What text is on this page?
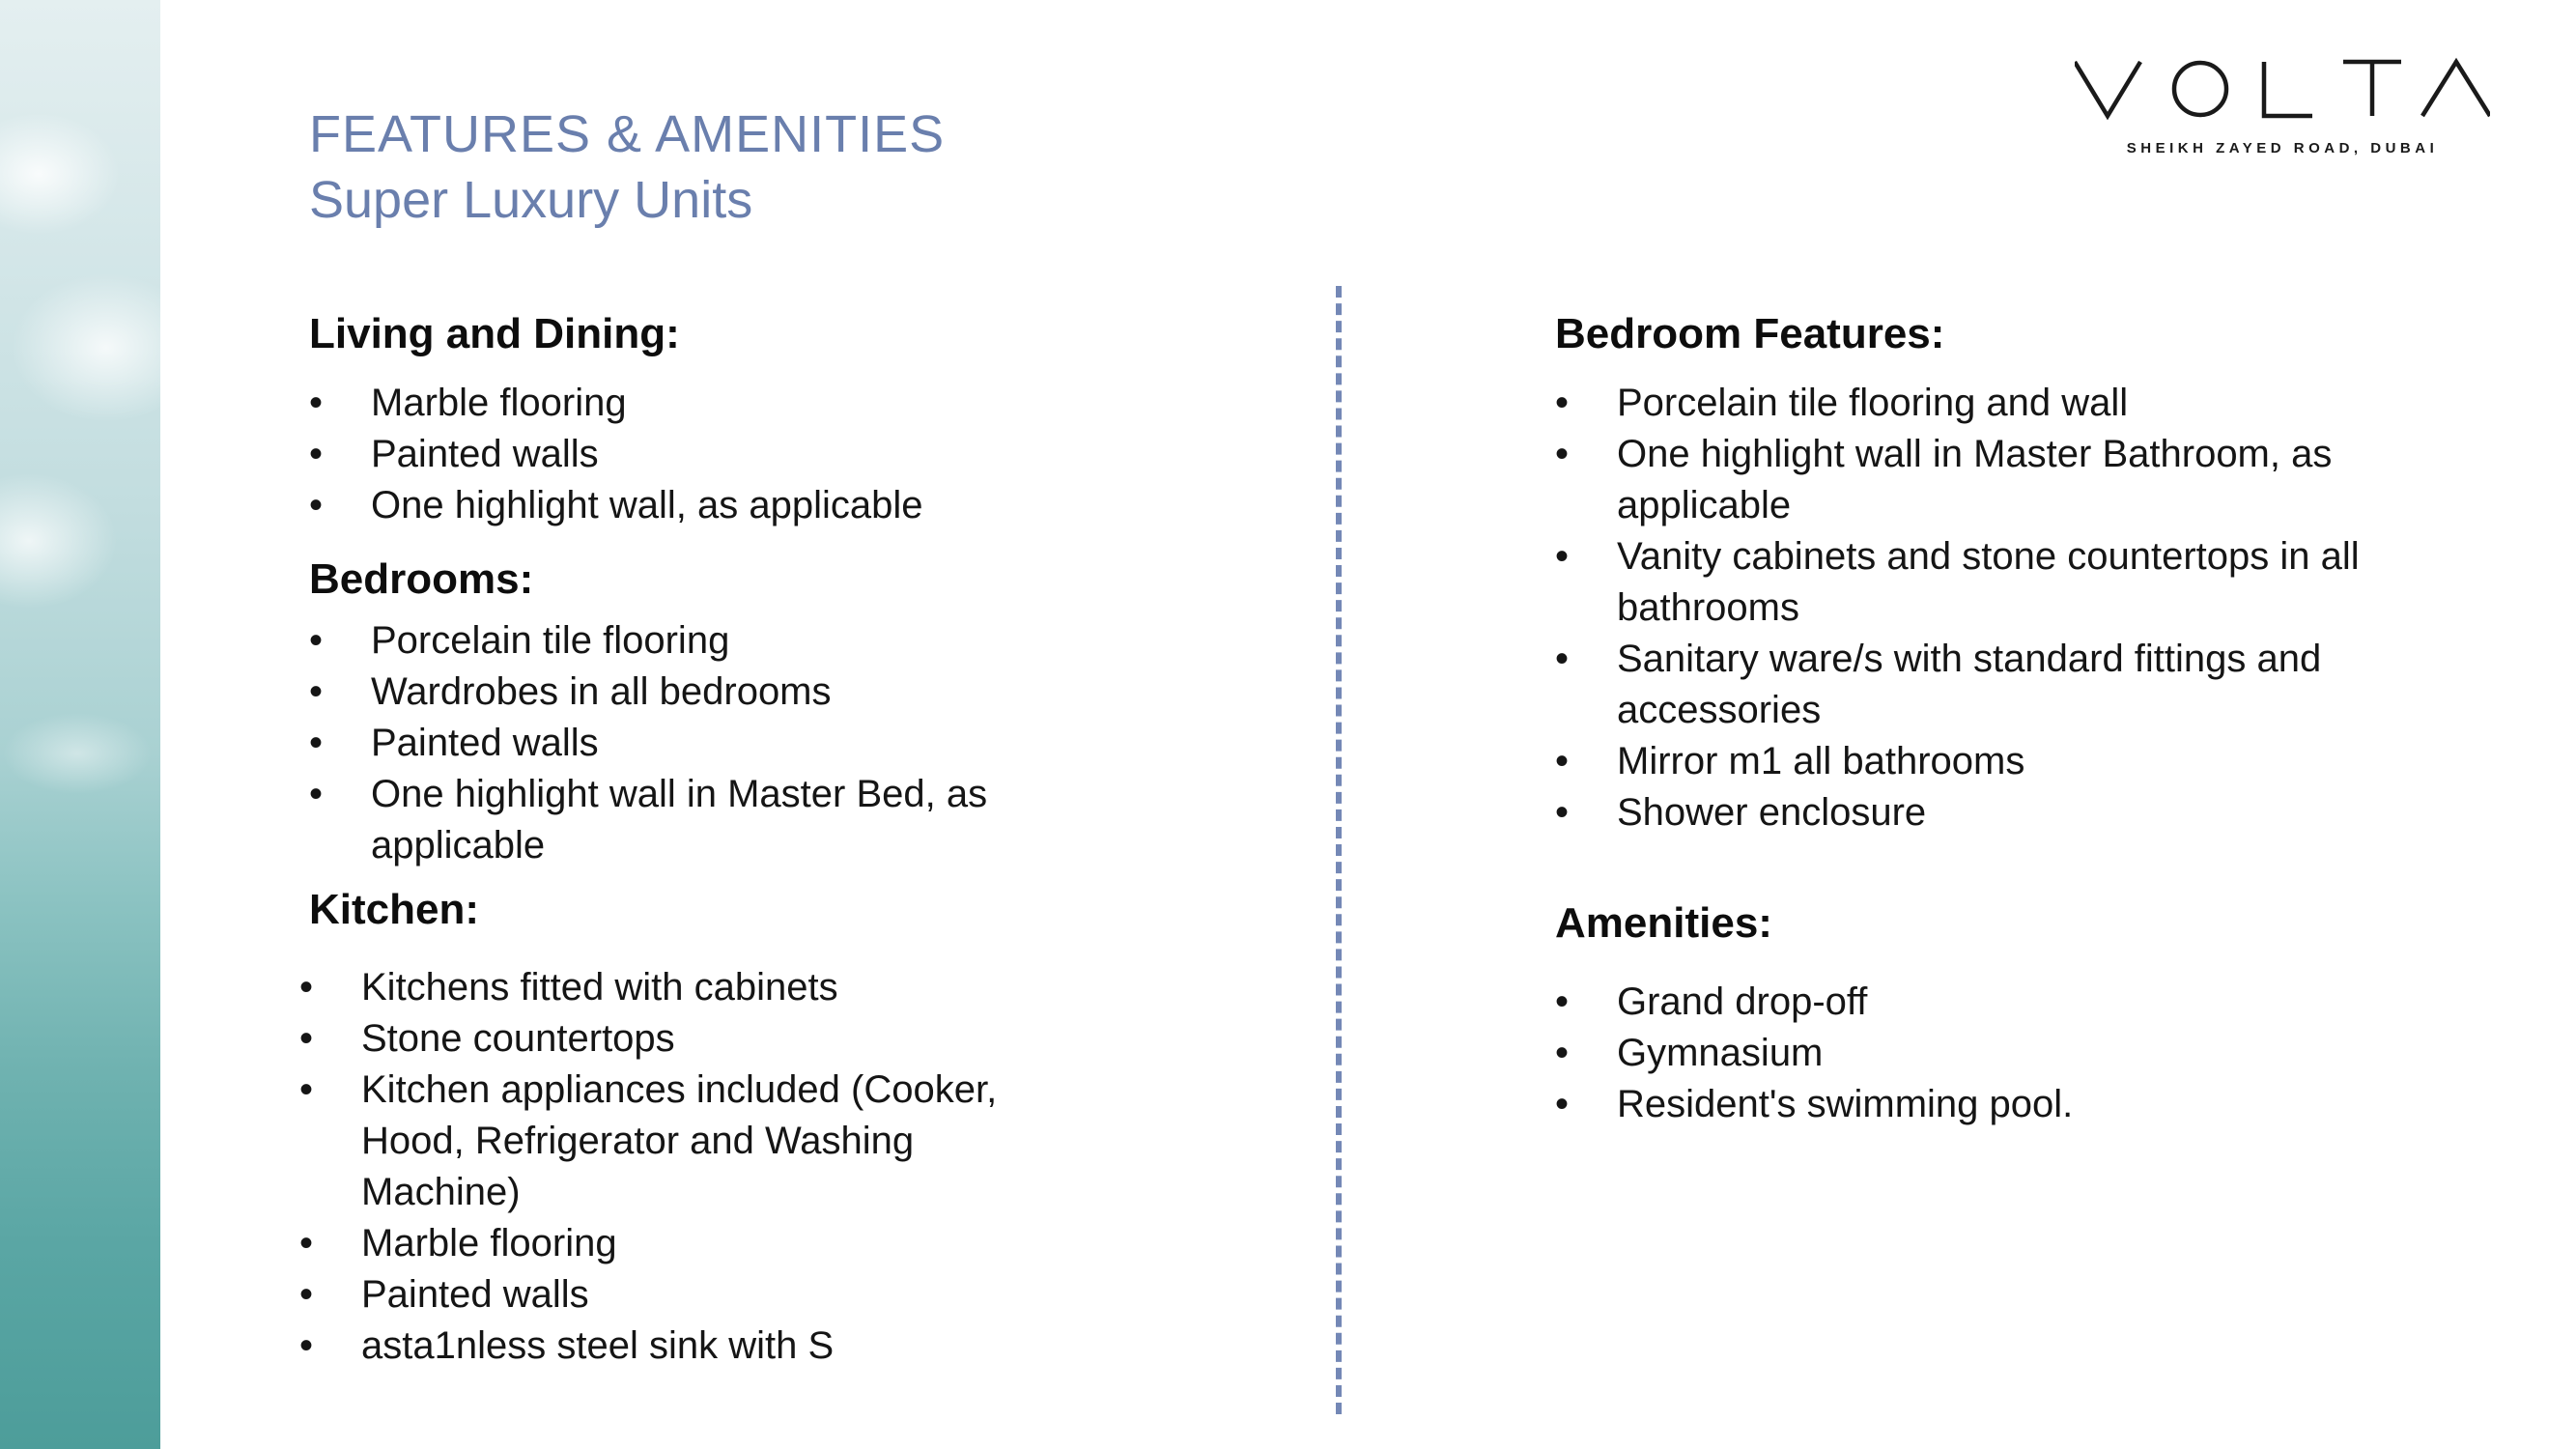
FEATURES & AMENITIES
Super Luxury Units
SHEIKH ZAYED ROAD, DUBAI
Living and Dining:
• Marble flooring
• Painted walls
• One highlight wall, as applicable
Bedrooms:
• Porcelain tile flooring
• Wardrobes in all bedrooms
• Painted walls
• One highlight wall in Master Bed, as applicable
Kitchen:
• Kitchens fitted with cabinets
• Stone countertops
• Kitchen appliances included (Cooker, Hood, Refrigerator and Washing Machine)
• Marble flooring
• Painted walls
• asta1nless steel sink with S
Bedroom Features:
• Porcelain tile flooring and wall
• One highlight wall in Master Bathroom, as applicable
• Vanity cabinets and stone countertops in all bathrooms
• Sanitary ware/s with standard fittings and accessories
• Mirror m1 all bathrooms
• Shower enclosure
Amenities:
• Grand drop-off
• Gymnasium
• Resident's swimming pool.
